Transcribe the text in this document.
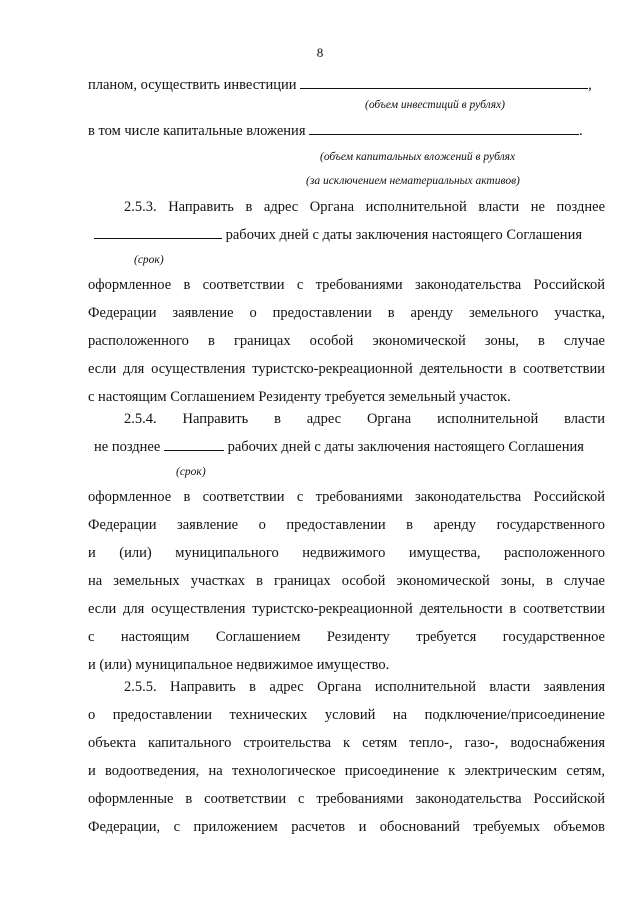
8
планом, осуществить инвестиции	,
(объем инвестиций в рублях)
в том числе капитальные вложения	.
(объем капитальных вложений в рублях
(за исключением нематериальных активов)
2.5.3. Направить в адрес Органа исполнительной власти не позднее
рабочих дней с даты заключения настоящего Соглашения
(срок)
оформленное в соответствии с требованиями законодательства Российской
Федерации заявление о предоставлении в аренду земельного участка,
расположенного в границах особой экономической зоны, в случае
если для осуществления туристско-рекреационной деятельности в соответствии
с настоящим Соглашением Резиденту требуется земельный участок.
2.5.4. Направить в адрес Органа исполнительной власти
не позднее	рабочих дней с даты заключения настоящего Соглашения
(срок)
оформленное в соответствии с требованиями законодательства Российской
Федерации заявление о предоставлении в аренду государственного
и (или) муниципального недвижимого имущества, расположенного
на земельных участках в границах особой экономической зоны, в случае
если для осуществления туристско-рекреационной деятельности в соответствии
с настоящим Соглашением Резиденту требуется государственное
и (или) муниципальное недвижимое имущество.
2.5.5. Направить в адрес Органа исполнительной власти заявления
о предоставлении технических условий на подключение/присоединение
объекта капитального строительства к сетям тепло-, газо-, водоснабжения
и водоотведения, на технологическое присоединение к электрическим сетям,
оформленные в соответствии с требованиями законодательства Российской
Федерации, с приложением расчетов и обоснований требуемых объемов
